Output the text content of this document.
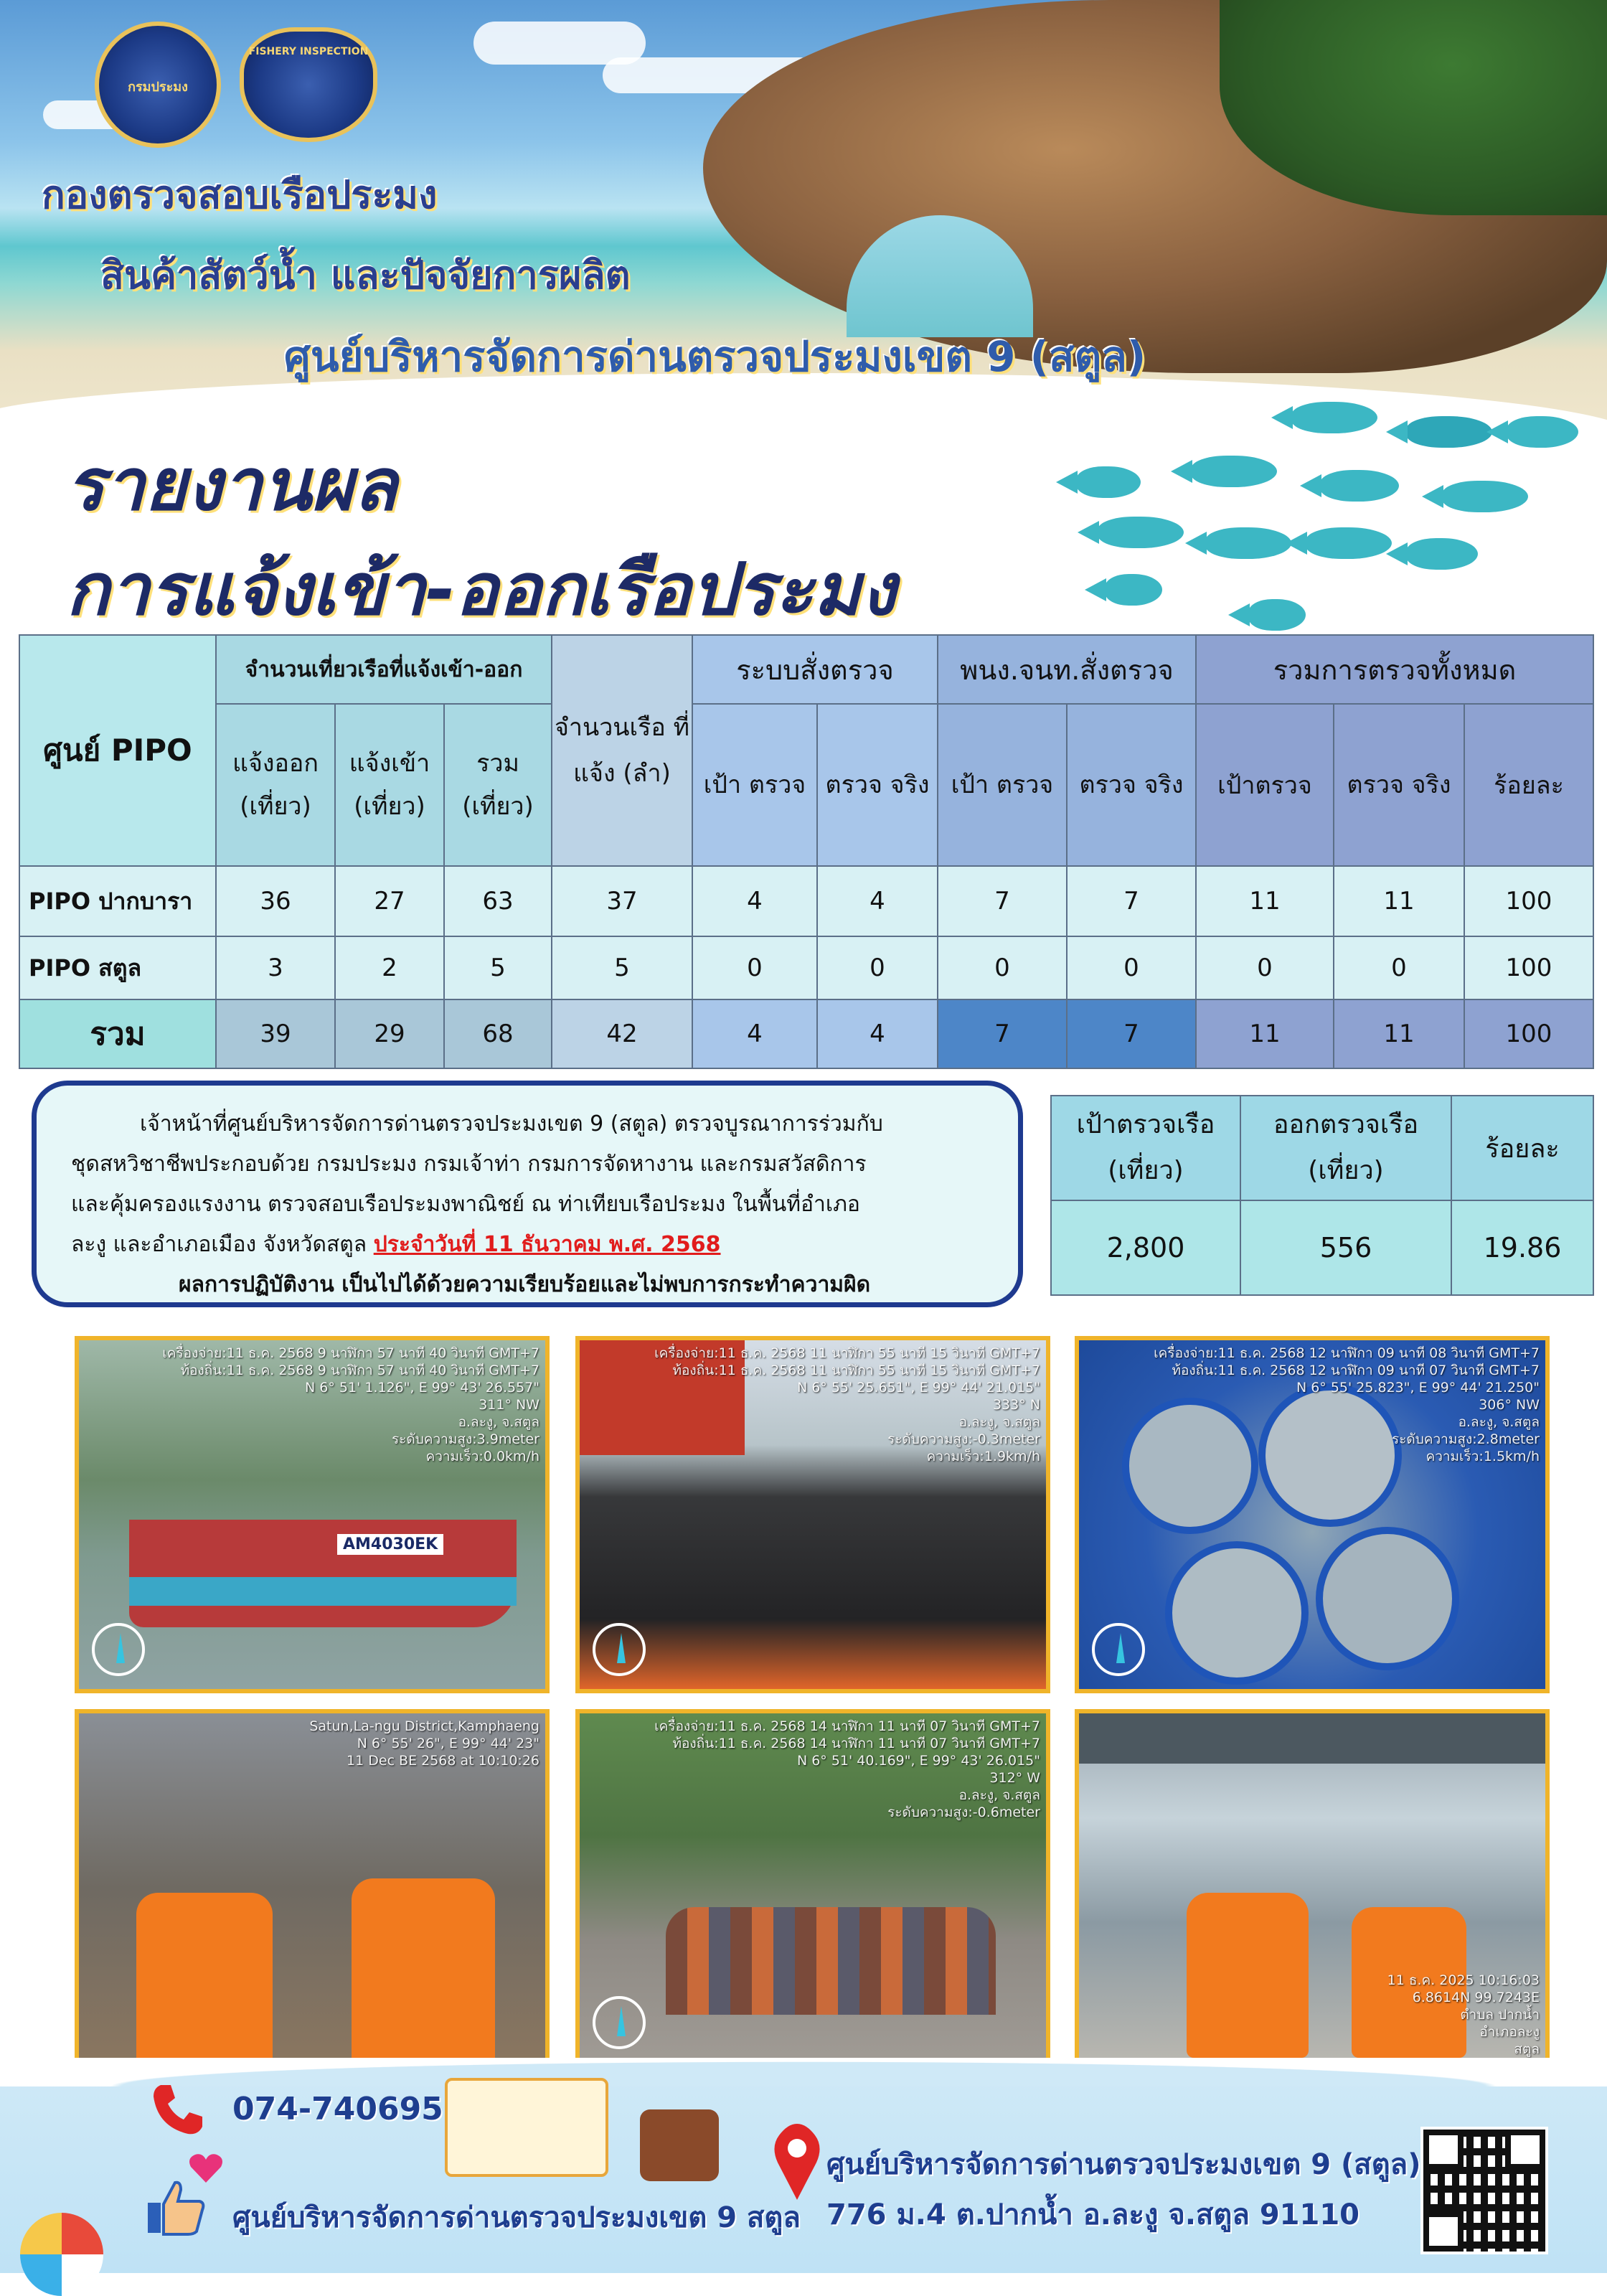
กรมประมง
FISHERY INSPECTION
กองตรวจสอบเรือประมง
สินค้าสัตว์น้ำ และปัจจัยการผลิต
ศูนย์บริหารจัดการด่านตรวจประมงเขต 9 (สตูล)
รายงานผล
การแจ้งเข้า-ออกเรือประมง
ศูนย์ PIPO	จำนวนเที่ยวเรือที่แจ้งเข้า-ออก			จำนวนเรือ ที่แจ้ง (ลำ)	ระบบสั่งตรวจ		พนง.จนท.สั่งตรวจ		รวมการตรวจทั้งหมด		
	แจ้งออก (เที่ยว)	แจ้งเข้า (เที่ยว)	รวม (เที่ยว)		เป้า ตรวจ	ตรวจ จริง	เป้า ตรวจ	ตรวจ จริง	เป้าตรวจ	ตรวจ จริง	ร้อยละ
PIPO ปากบารา	36	27	63	37	4	4	7	7	11	11	100
PIPO สตูล	3	2	5	5	0	0	0	0	0	0	100
รวม	39	29	68	42	4	4	7	7	11	11	100

เจ้าหน้าที่ศูนย์บริหารจัดการด่านตรวจประมงเขต 9 (สตูล) ตรวจบูรณาการร่วมกับ

ชุดสหวิชาชีพประกอบด้วย กรมประมง กรมเจ้าท่า กรมการจัดหางาน และกรมสวัสดิการ

และคุ้มครองแรงงาน ตรวจสอบเรือประมงพาณิชย์ ณ ท่าเทียบเรือประมง ในพื้นที่อำเภอ

ละงู และอำเภอเมือง จังหวัดสตูล ประจำวันที่ 11 ธันวาคม พ.ศ. 2568

ผลการปฏิบัติงาน เป็นไปได้ด้วยความเรียบร้อยและไม่พบการกระทำความผิด

เป้าตรวจเรือ (เที่ยว)	ออกตรวจเรือ (เที่ยว)	ร้อยละ
2,800	556	19.86
AM4030EK
เครื่องจ่าย:11 ธ.ค. 2568 9 นาฬิกา 57 นาที 40 วินาที GMT+7
ท้องถิ่น:11 ธ.ค. 2568 9 นาฬิกา 57 นาที 40 วินาที GMT+7
N 6° 51' 1.126", E 99° 43' 26.557"
311° NW
อ.ละงู, จ.สตูล
ระดับความสูง:3.9meter
ความเร็ว:0.0km/h
เครื่องจ่าย:11 ธ.ค. 2568 11 นาฬิกา 55 นาที 15 วินาที GMT+7
ท้องถิ่น:11 ธ.ค. 2568 11 นาฬิกา 55 นาที 15 วินาที GMT+7
N 6° 55' 25.651", E 99° 44' 21.015"
333° N
อ.ละงู, จ.สตูล
ระดับความสูง:-0.3meter
ความเร็ว:1.9km/h
เครื่องจ่าย:11 ธ.ค. 2568 12 นาฬิกา 09 นาที 08 วินาที GMT+7
ท้องถิ่น:11 ธ.ค. 2568 12 นาฬิกา 09 นาที 07 วินาที GMT+7
N 6° 55' 25.823", E 99° 44' 21.250"
306° NW
อ.ละงู, จ.สตูล
ระดับความสูง:2.8meter
ความเร็ว:1.5km/h
Satun,La-ngu District,Kamphaeng
N 6° 55' 26", E 99° 44' 23"
11 Dec BE 2568 at 10:10:26
เครื่องจ่าย:11 ธ.ค. 2568 14 นาฬิกา 11 นาที 07 วินาที GMT+7
ท้องถิ่น:11 ธ.ค. 2568 14 นาฬิกา 11 นาที 07 วินาที GMT+7
N 6° 51' 40.169", E 99° 43' 26.015"
312° W
อ.ละงู, จ.สตูล
ระดับความสูง:-0.6meter
11 ธ.ค. 2025 10:16:03
6.8614N 99.7243E
ตำบล ปากน้ำ
อำเภอละงู
สตูล
074-740695
ศูนย์บริหารจัดการด่านตรวจประมงเขต 9 สตูล
ศูนย์บริหารจัดการด่านตรวจประมงเขต 9 (สตูล)
776 ม.4 ต.ปากน้ำ อ.ละงู จ.สตูล 91110
